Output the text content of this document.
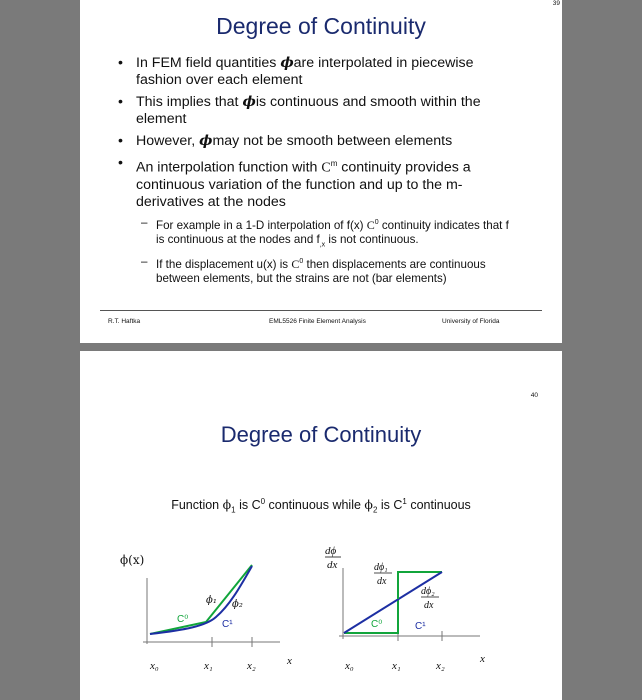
39
Degree of Continuity
• In FEM field quantities ϕare interpolated in piecewise fashion over each element
• This implies that ϕis continuous and smooth within the element
• However, ϕmay not be smooth between elements
• An interpolation function with $C^m$ continuity provides a continuous variation of the function and up to the m-derivatives at the nodes
– For example in a 1-D interpolation of f(x) $C^0$ continuity indicates that f is continuous at the nodes and $f_{,x}$ is not continuous.
– If the displacement u(x) is $C^0$ then displacements are continuous between elements, but the strains are not (bar elements)
R.T. Haftka	EML5526 Finite Element Analysis	University of Florida
40
Degree of Continuity
Function $\phi_1$ is $C^0$ continuous while $\phi_2$ is $C^1$ continuous
ϕ(x)
ϕ₁ ϕ₂
C⁰	C¹
x₀	x₁	x₂	x
dϕ
dx	dϕ₁
dx
dϕ₂
dx
C⁰	C¹
x₀	x₁	x₂
x
